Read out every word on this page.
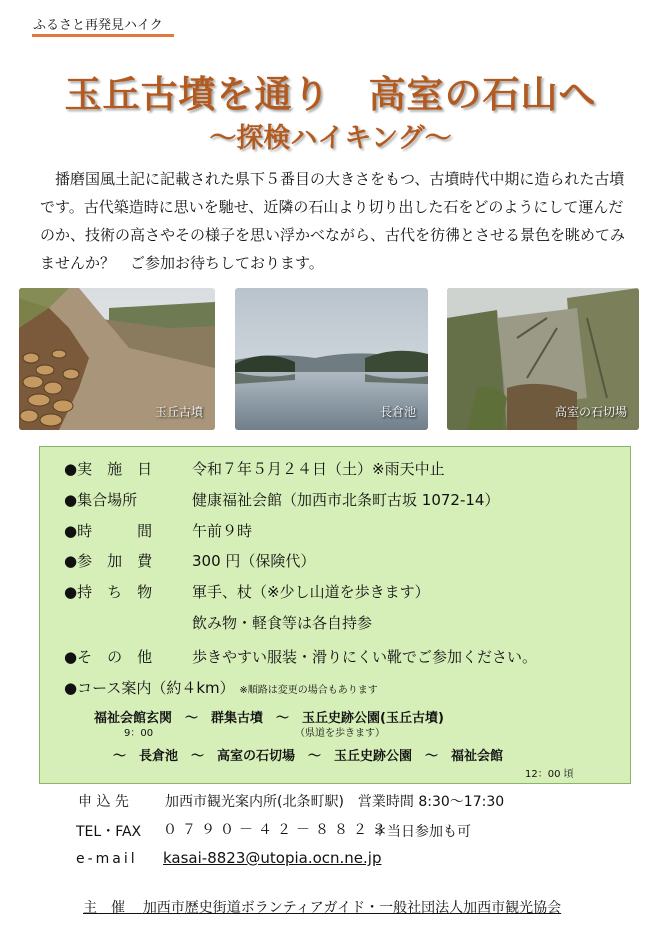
ふるさと再発見ハイク
玉丘古墳を通り　高室の石山へ
～探検ハイキング～
　播磨国風土記に記載された県下５番目の大きさをもつ、古墳時代中期に造られた古墳です。古代築造時に思いを馳せ、近隣の石山より切り出した石をどのようにして運んだのか、技術の高さやその様子を思い浮かべながら、古代を彷彿とさせる景色を眺めてみませんか？　ご参加お待ちしております。
玉丘古墳	長倉池	高室の石切場
●実　施　日	令和７年５月２４日（土）※雨天中止
●集合場所	健康福祉会館（加西市北条町古坂 1072-14）
●時　　　間	午前９時
●参　加　費	300 円（保険代）
●持　ち　物	軍手、杖（※少し山道を歩きます）
飲み物・軽食等は各自持参
●そ　の　他	歩きやすい服装・滑りにくい靴でご参加ください。
●コース案内（約４km） ※順路は変更の場合もあります
福祉会館玄関　～　群集古墳　～　玉丘史跡公園(玉丘古墳)
9：00	（県道を歩きます）
～　長倉池　～　高室の石切場　～　玉丘史跡公園　～　福祉会館
12：00 頃
申 込 先	加西市観光案内所(北条町駅)　営業時間 8:30～17:30
TEL・FAX ０７９０－４２－８８２３
＊当日参加も可
e-mail kasai-8823@utopia.ocn.ne.jp
主　催 加西市歴史街道ボランティアガイド・一般社団法人加西市観光協会
